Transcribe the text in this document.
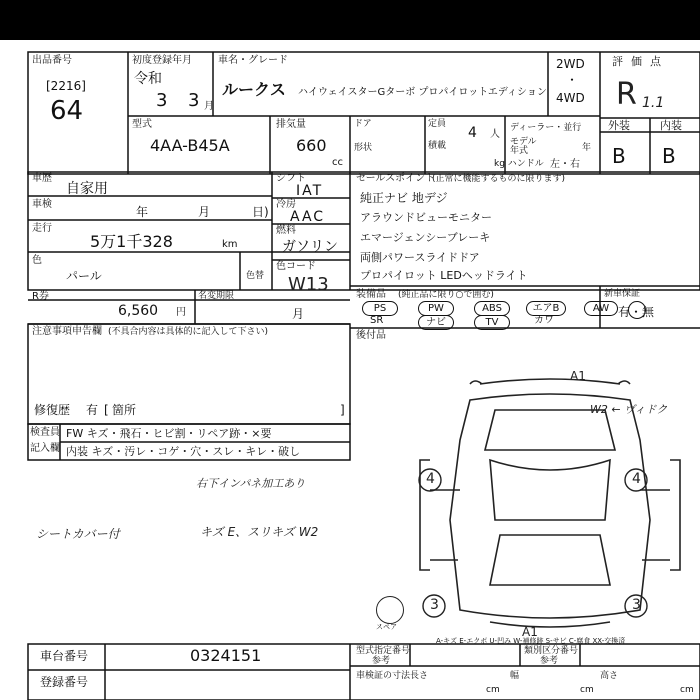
出品番号
[2216]
64
初度登録年月
令和
3 3 月
車名・グレード
ルークス ハイウェイスターGターボ プロパイロットエディション
2WD
・
4WD
評価点
R 1.1
型式
4AA-B45A
排気量
660
cc
ドア
形状
定員
4 人
積載
ディーラー・並行
モデル年式	年
kg ハンドル 左・右
外装	内装
B B
車歴
自家用
車検
年	月	日)
走行
5万1千328	km
色
パール	色替
R券
6,560 円
名変期限
月
シフト
IAT
冷房
AAC
燃料
ガソリン
色コード
W13
注意事項申告欄 (不具合内容は具体的に記入して下さい)
修復歴 有 [ 箇所	]
セールスポイント
(正常に機能するものに限ります)
純正ナビ 地デジ
アラウンドビューモニター
エマージェンシーブレーキ
両側パワースライドドア
プロパイロット LEDヘッドライト
装備品 (純正品に限り○で囲む)
PS	PW	ABS	エアB	AW
SR	ナビ	TV	カワ
新車保証
有・無
後付品
検査員
記入欄
FW キズ・飛石・ヒビ割・リペア跡・×要
内装 キズ・汚レ・コゲ・穴・スレ・キレ・破し
右下インパネ加工あり
シートカバー付	キズ E、スリキズ W2
A1
W2 ← ヴィドク
4	4
3	3
スペア	A1
A-キズ E-エクボ U-凹み W-補修跡 S-サビ C-腐食 XX-交換済
車台番号	0324151
登録番号
型式指定番号
参考
類別区分番号
参考
車検証の寸法 長さ
cm
幅
cm
高さ
cm
